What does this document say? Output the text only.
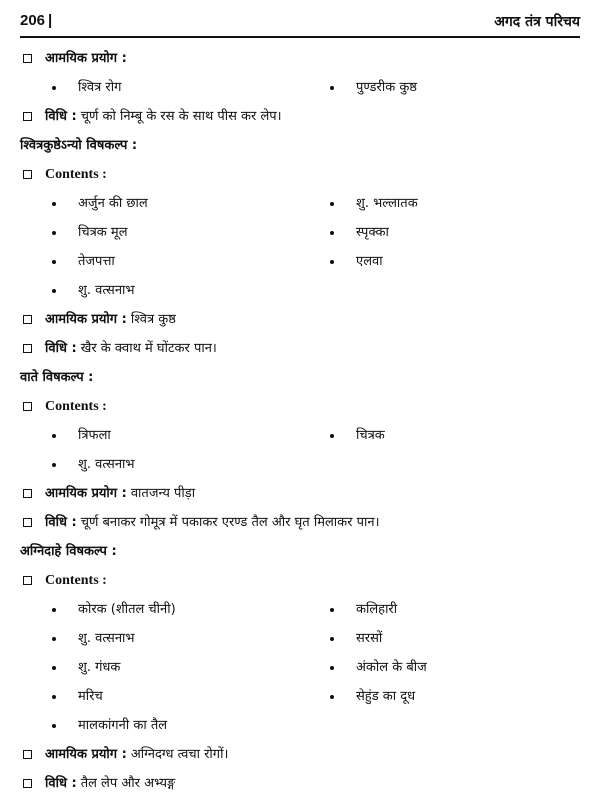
206 |	अगद तंत्र परिचय
आमयिक प्रयोग :
श्वित्र रोग	पुण्डरीक कुष्ठ
विधि : चूर्ण को निम्बू के रस के साथ पीस कर लेप।
श्वित्रकुष्ठेऽन्यो विषकल्प :
Contents :
अर्जुन की छाल	शु. भल्लातक
चित्रक मूल	स्पृक्का
तेजपत्ता	एलवा
शु. वत्सनाभ
आमयिक प्रयोग : श्वित्र कुष्ठ
विधि : खैर के क्वाथ में घोंटकर पान।
वाते विषकल्प :
Contents :
त्रिफला	चित्रक
शु. वत्सनाभ
आमयिक प्रयोग : वातजन्य पीड़ा
विधि : चूर्ण बनाकर गोमूत्र में पकाकर एरण्ड तैल और घृत मिलाकर पान।
अग्निदाहे विषकल्प :
Contents :
कोरक (शीतल चीनी)	कलिहारी
शु. वत्सनाभ	सरसों
शु. गंधक	अंकोल के बीज
मरिच	सेहुंड का दूध
मालकांगनी का तैल
आमयिक प्रयोग : अग्निदग्ध त्वचा रोगों।
विधि : तैल लेप और अभ्यङ्ग
